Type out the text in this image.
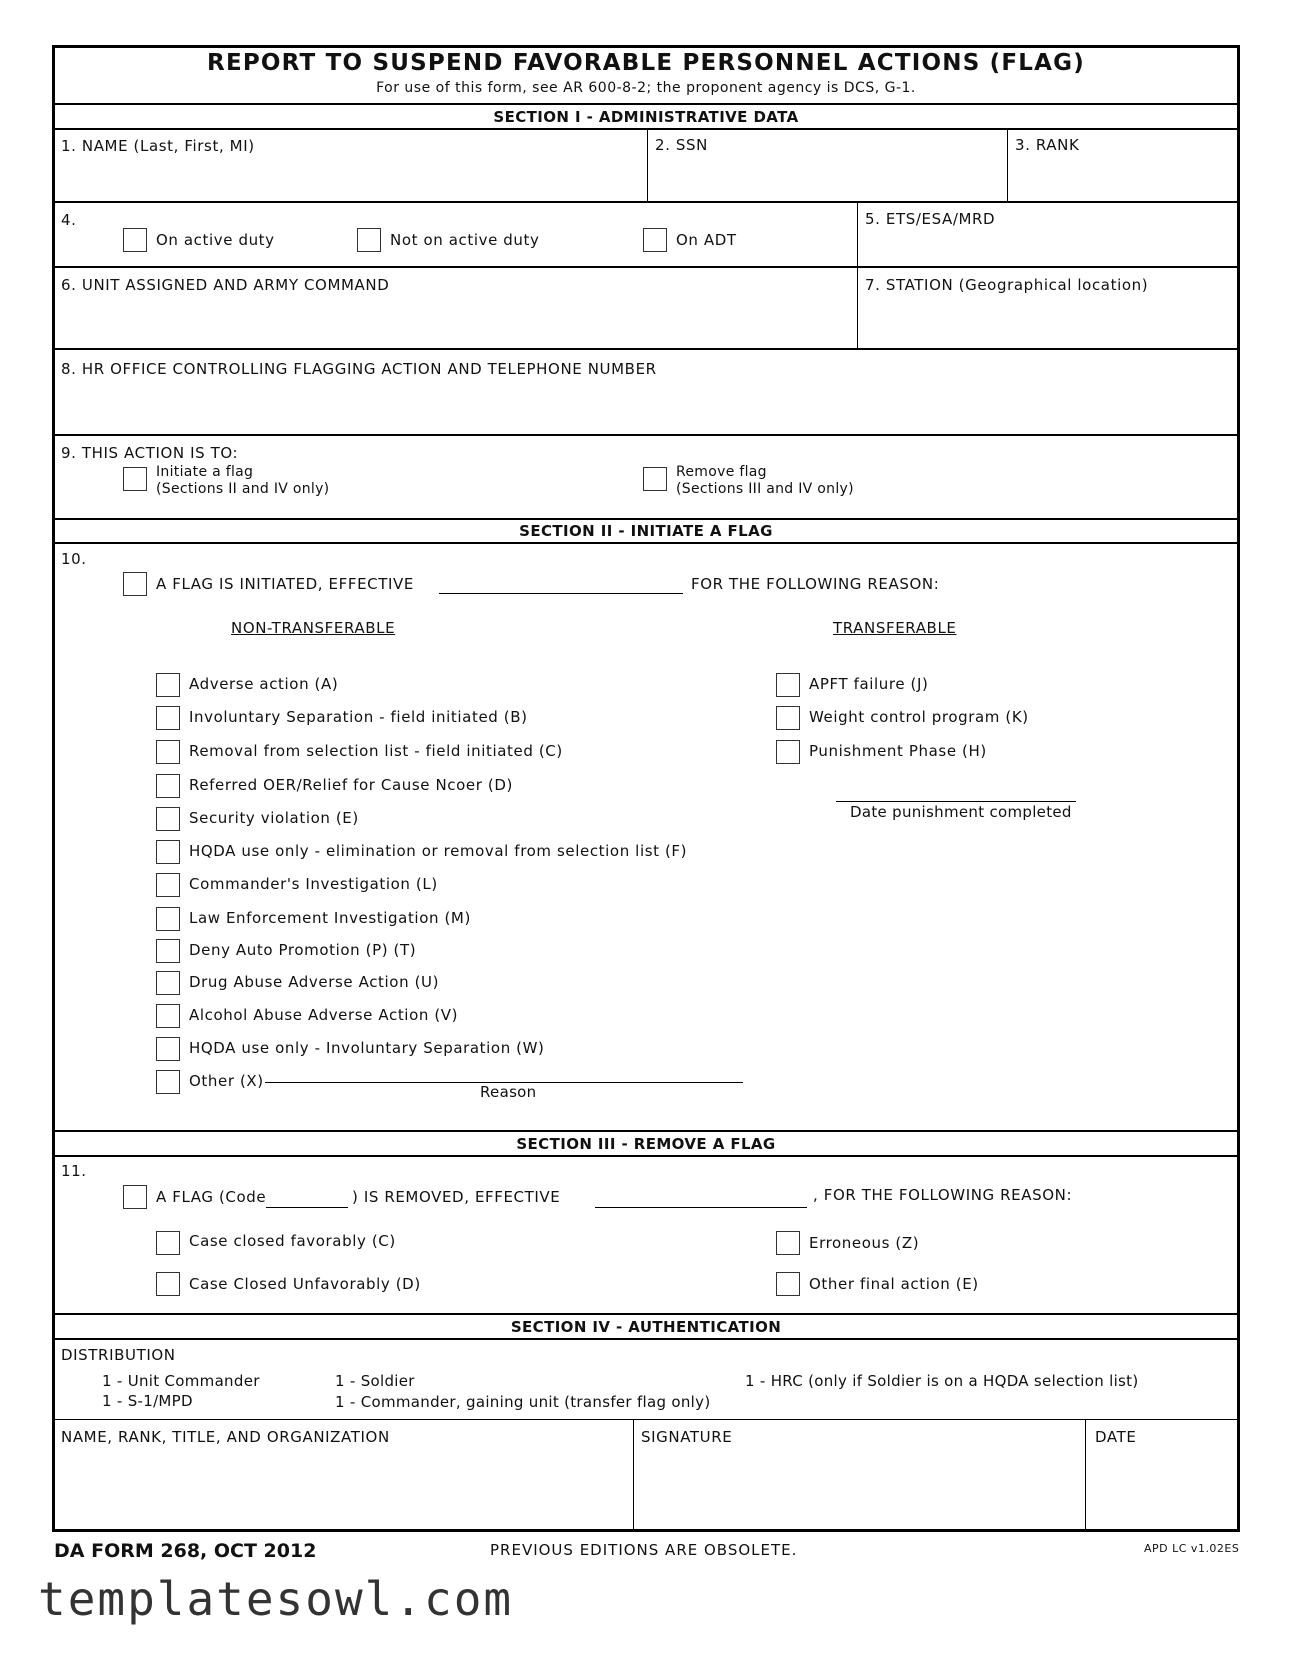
REPORT TO SUSPEND FAVORABLE PERSONNEL ACTIONS (FLAG)
For use of this form, see AR 600-8-2; the proponent agency is DCS, G-1.
SECTION I - ADMINISTRATIVE DATA
1. NAME (Last, First, MI)	2. SSN	3. RANK
4.
On active duty	Not on active duty	On ADT
5. ETS/ESA/MRD
6. UNIT ASSIGNED AND ARMY COMMAND	7. STATION (Geographical location)
8. HR OFFICE CONTROLLING FLAGGING ACTION AND TELEPHONE NUMBER
9. THIS ACTION IS TO:
Initiate a flag
(Sections II and IV only)
Remove flag
(Sections III and IV only)
SECTION II - INITIATE A FLAG
10.
A FLAG IS INITIATED, EFFECTIVE	FOR THE FOLLOWING REASON:
NON-TRANSFERABLE	TRANSFERABLE
Adverse action (A)
Involuntary Separation - field initiated (B)
Removal from selection list - field initiated (C)
Referred OER/Relief for Cause Ncoer (D)
Security violation (E)
HQDA use only - elimination or removal from selection list (F)
Commander's Investigation (L)
Law Enforcement Investigation (M)
Deny Auto Promotion (P) (T)
Drug Abuse Adverse Action (U)
Alcohol Abuse Adverse Action (V)
HQDA use only - Involuntary Separation (W)
Other (X)
APFT failure (J)
Weight control program (K)
Punishment Phase (H)
Date punishment completed
Reason
SECTION III - REMOVE A FLAG
11.
A FLAG (Code	) IS REMOVED, EFFECTIVE	, FOR THE FOLLOWING REASON:
Case closed favorably (C)	Erroneous (Z)
Case Closed Unfavorably (D)	Other final action (E)
SECTION IV - AUTHENTICATION
DISTRIBUTION
1 - Unit Commander
1 - S-1/MPD
1 - Soldier
1 - Commander, gaining unit (transfer flag only)
1 - HRC (only if Soldier is on a HQDA selection list)
NAME, RANK, TITLE, AND ORGANIZATION	SIGNATURE	DATE
DA FORM 268, OCT 2012	PREVIOUS EDITIONS ARE OBSOLETE.	APD LC v1.02ES
templatesowl.com
